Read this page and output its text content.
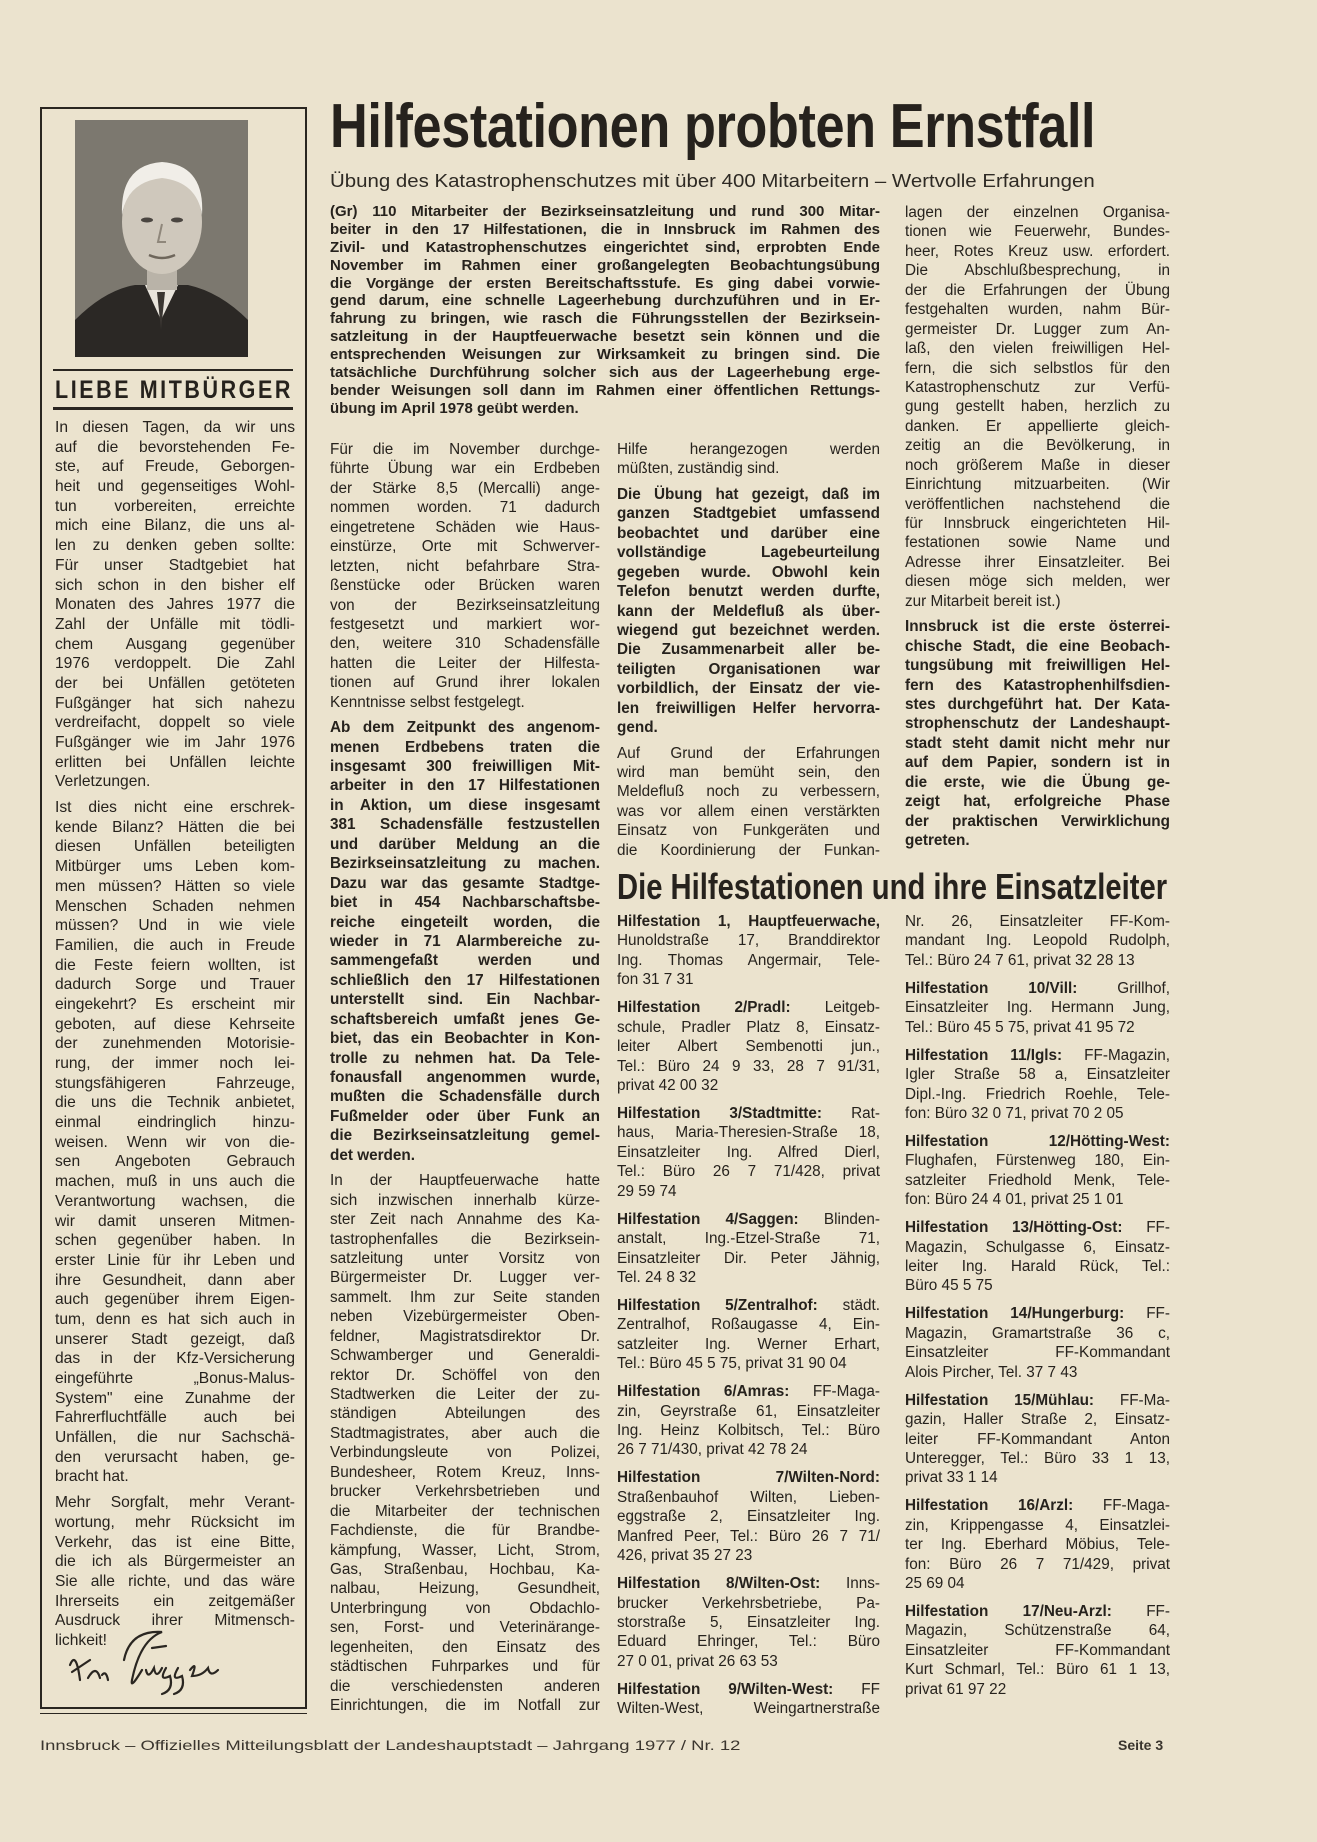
LIEBE MITBÜRGER
In diesen Tagen, da wir uns
auf die bevorstehenden Fe-
ste, auf Freude, Geborgen-
heit und gegenseitiges Wohl-
tun vorbereiten, erreichte
mich eine Bilanz, die uns al-
len zu denken geben sollte:
Für unser Stadtgebiet hat
sich schon in den bisher elf
Monaten des Jahres 1977 die
Zahl der Unfälle mit tödli-
chem Ausgang gegenüber
1976 verdoppelt. Die Zahl
der bei Unfällen getöteten
Fußgänger hat sich nahezu
verdreifacht, doppelt so viele
Fußgänger wie im Jahr 1976
erlitten bei Unfällen leichte
Verletzungen.
Ist dies nicht eine erschrek-
kende Bilanz? Hätten die bei
diesen Unfällen beteiligten
Mitbürger ums Leben kom-
men müssen? Hätten so viele
Menschen Schaden nehmen
müssen? Und in wie viele
Familien, die auch in Freude
die Feste feiern wollten, ist
dadurch Sorge und Trauer
eingekehrt? Es erscheint mir
geboten, auf diese Kehrseite
der zunehmenden Motorisie-
rung, der immer noch lei-
stungsfähigeren Fahrzeuge,
die uns die Technik anbietet,
einmal eindringlich hinzu-
weisen. Wenn wir von die-
sen Angeboten Gebrauch
machen, muß in uns auch die
Verantwortung wachsen, die
wir damit unseren Mitmen-
schen gegenüber haben. In
erster Linie für ihr Leben und
ihre Gesundheit, dann aber
auch gegenüber ihrem Eigen-
tum, denn es hat sich auch in
unserer Stadt gezeigt, daß
das in der Kfz-Versicherung
eingeführte „Bonus-Malus-
System" eine Zunahme der
Fahrerfluchtfälle auch bei
Unfällen, die nur Sachschä-
den verursacht haben, ge-
bracht hat.
Mehr Sorgfalt, mehr Verant-
wortung, mehr Rücksicht im
Verkehr, das ist eine Bitte,
die ich als Bürgermeister an
Sie alle richte, und das wäre
Ihrerseits ein zeitgemäßer
Ausdruck ihrer Mitmensch-
lichkeit!
Hilfestationen probten Ernstfall
Übung des Katastrophenschutzes mit über 400 Mitarbeitern – Wertvolle Erfahrungen
(Gr) 110 Mitarbeiter der Bezirkseinsatzleitung und rund 300 Mitar-
beiter in den 17 Hilfestationen, die in Innsbruck im Rahmen des
Zivil- und Katastrophenschutzes eingerichtet sind, erprobten Ende
November im Rahmen einer großangelegten Beobachtungsübung
die Vorgänge der ersten Bereitschaftsstufe. Es ging dabei vorwie-
gend darum, eine schnelle Lageerhebung durchzuführen und in Er-
fahrung zu bringen, wie rasch die Führungsstellen der Bezirksein-
satzleitung in der Hauptfeuerwache besetzt sein können und die
entsprechenden Weisungen zur Wirksamkeit zu bringen sind. Die
tatsächliche Durchführung solcher sich aus der Lageerhebung erge-
bender Weisungen soll dann im Rahmen einer öffentlichen Rettungs-
übung im April 1978 geübt werden.
Für die im November durchge-
führte Übung war ein Erdbeben
der Stärke 8,5 (Mercalli) ange-
nommen worden. 71 dadurch
eingetretene Schäden wie Haus-
einstürze, Orte mit Schwerver-
letzten, nicht befahrbare Stra-
ßenstücke oder Brücken waren
von der Bezirkseinsatzleitung
festgesetzt und markiert wor-
den, weitere 310 Schadensfälle
hatten die Leiter der Hilfesta-
tionen auf Grund ihrer lokalen
Kenntnisse selbst festgelegt.
Ab dem Zeitpunkt des angenom-
menen Erdbebens traten die
insgesamt 300 freiwilligen Mit-
arbeiter in den 17 Hilfestationen
in Aktion, um diese insgesamt
381 Schadensfälle festzustellen
und darüber Meldung an die
Bezirkseinsatzleitung zu machen.
Dazu war das gesamte Stadtge-
biet in 454 Nachbarschaftsbe-
reiche eingeteilt worden, die
wieder in 71 Alarmbereiche zu-
sammengefaßt werden und
schließlich den 17 Hilfestationen
unterstellt sind. Ein Nachbar-
schaftsbereich umfaßt jenes Ge-
biet, das ein Beobachter in Kon-
trolle zu nehmen hat. Da Tele-
fonausfall angenommen wurde,
mußten die Schadensfälle durch
Fußmelder oder über Funk an
die Bezirkseinsatzleitung gemel-
det werden.
In der Hauptfeuerwache hatte
sich inzwischen innerhalb kürze-
ster Zeit nach Annahme des Ka-
tastrophenfalles die Bezirksein-
satzleitung unter Vorsitz von
Bürgermeister Dr. Lugger ver-
sammelt. Ihm zur Seite standen
neben Vizebürgermeister Oben-
feldner, Magistratsdirektor Dr.
Schwamberger und Generaldi-
rektor Dr. Schöffel von den
Stadtwerken die Leiter der zu-
ständigen Abteilungen des
Stadtmagistrates, aber auch die
Verbindungsleute von Polizei,
Bundesheer, Rotem Kreuz, Inns-
brucker Verkehrsbetrieben und
die Mitarbeiter der technischen
Fachdienste, die für Brandbe-
kämpfung, Wasser, Licht, Strom,
Gas, Straßenbau, Hochbau, Ka-
nalbau, Heizung, Gesundheit,
Unterbringung von Obdachlo-
sen, Forst- und Veterinärange-
legenheiten, den Einsatz des
städtischen Fuhrparkes und für
die verschiedensten anderen
Einrichtungen, die im Notfall zur
Hilfe herangezogen werden
müßten, zuständig sind.
Die Übung hat gezeigt, daß im
ganzen Stadtgebiet umfassend
beobachtet und darüber eine
vollständige Lagebeurteilung
gegeben wurde. Obwohl kein
Telefon benutzt werden durfte,
kann der Meldefluß als über-
wiegend gut bezeichnet werden.
Die Zusammenarbeit aller be-
teiligten Organisationen war
vorbildlich, der Einsatz der vie-
len freiwilligen Helfer hervorra-
gend.
Auf Grund der Erfahrungen
wird man bemüht sein, den
Meldefluß noch zu verbessern,
was vor allem einen verstärkten
Einsatz von Funkgeräten und
die Koordinierung der Funkan-
lagen der einzelnen Organisa-
tionen wie Feuerwehr, Bundes-
heer, Rotes Kreuz usw. erfordert.
Die Abschlußbesprechung, in
der die Erfahrungen der Übung
festgehalten wurden, nahm Bür-
germeister Dr. Lugger zum An-
laß, den vielen freiwilligen Hel-
fern, die sich selbstlos für den
Katastrophenschutz zur Verfü-
gung gestellt haben, herzlich zu
danken. Er appellierte gleich-
zeitig an die Bevölkerung, in
noch größerem Maße in dieser
Einrichtung mitzuarbeiten. (Wir
veröffentlichen nachstehend die
für Innsbruck eingerichteten Hil-
festationen sowie Name und
Adresse ihrer Einsatzleiter. Bei
diesen möge sich melden, wer
zur Mitarbeit bereit ist.)
Innsbruck ist die erste österrei-
chische Stadt, die eine Beobach-
tungsübung mit freiwilligen Hel-
fern des Katastrophenhilfsdien-
stes durchgeführt hat. Der Kata-
strophenschutz der Landeshaupt-
stadt steht damit nicht mehr nur
auf dem Papier, sondern ist in
die erste, wie die Übung ge-
zeigt hat, erfolgreiche Phase
der praktischen Verwirklichung
getreten.
Die Hilfestationen und ihre Einsatzleiter
Hilfestation 1, Hauptfeuerwache,
Hunoldstraße 17, Branddirektor
Ing. Thomas Angermair, Tele-
fon 31 7 31
Hilfestation 2/Pradl: Leitgeb-
schule, Pradler Platz 8, Einsatz-
leiter Albert Sembenotti jun.,
Tel.: Büro 24 9 33, 28 7 91/31,
privat 42 00 32
Hilfestation 3/Stadtmitte: Rat-
haus, Maria-Theresien-Straße 18,
Einsatzleiter Ing. Alfred Dierl,
Tel.: Büro 26 7 71/428, privat
29 59 74
Hilfestation 4/Saggen: Blinden-
anstalt, Ing.-Etzel-Straße 71,
Einsatzleiter Dir. Peter Jähnig,
Tel. 24 8 32
Hilfestation 5/Zentralhof: städt.
Zentralhof, Roßaugasse 4, Ein-
satzleiter Ing. Werner Erhart,
Tel.: Büro 45 5 75, privat 31 90 04
Hilfestation 6/Amras: FF-Maga-
zin, Geyrstraße 61, Einsatzleiter
Ing. Heinz Kolbitsch, Tel.: Büro
26 7 71/430, privat 42 78 24
Hilfestation 7/Wilten-Nord:
Straßenbauhof Wilten, Lieben-
eggstraße 2, Einsatzleiter Ing.
Manfred Peer, Tel.: Büro 26 7 71/
426, privat 35 27 23
Hilfestation 8/Wilten-Ost: Inns-
brucker Verkehrsbetriebe, Pa-
storstraße 5, Einsatzleiter Ing.
Eduard Ehringer, Tel.: Büro
27 0 01, privat 26 63 53
Hilfestation 9/Wilten-West: FF
Wilten-West, Weingartnerstraße
Nr. 26, Einsatzleiter FF-Kom-
mandant Ing. Leopold Rudolph,
Tel.: Büro 24 7 61, privat 32 28 13
Hilfestation 10/Vill:	Grillhof,
Einsatzleiter Ing. Hermann Jung,
Tel.: Büro 45 5 75, privat 41 95 72
Hilfestation 11/Igls: FF-Magazin,
Igler Straße 58 a, Einsatzleiter
Dipl.-Ing. Friedrich Roehle, Tele-
fon: Büro 32 0 71, privat 70 2 05
Hilfestation 12/Hötting-West:
Flughafen, Fürstenweg 180, Ein-
satzleiter Friedhold Menk, Tele-
fon: Büro 24 4 01, privat 25 1 01
Hilfestation 13/Hötting-Ost: FF-
Magazin, Schulgasse 6, Einsatz-
leiter Ing. Harald Rück, Tel.:
Büro 45 5 75
Hilfestation 14/Hungerburg: FF-
Magazin, Gramartstraße 36 c,
Einsatzleiter FF-Kommandant
Alois Pircher, Tel. 37 7 43
Hilfestation 15/Mühlau: FF-Ma-
gazin, Haller Straße 2, Einsatz-
leiter FF-Kommandant Anton
Unteregger, Tel.: Büro 33 1 13,
privat 33 1 14
Hilfestation 16/Arzl: FF-Maga-
zin, Krippengasse 4, Einsatzlei-
ter Ing. Eberhard Möbius, Tele-
fon: Büro 26 7 71/429, privat
25 69 04
Hilfestation 17/Neu-Arzl: FF-
Magazin, Schützenstraße 64,
Einsatzleiter FF-Kommandant
Kurt Schmarl, Tel.: Büro 61 1 13,
privat 61 97 22
Innsbruck – Offizielles Mitteilungsblatt der Landeshauptstadt – Jahrgang 1977 / Nr. 12	Seite 3
